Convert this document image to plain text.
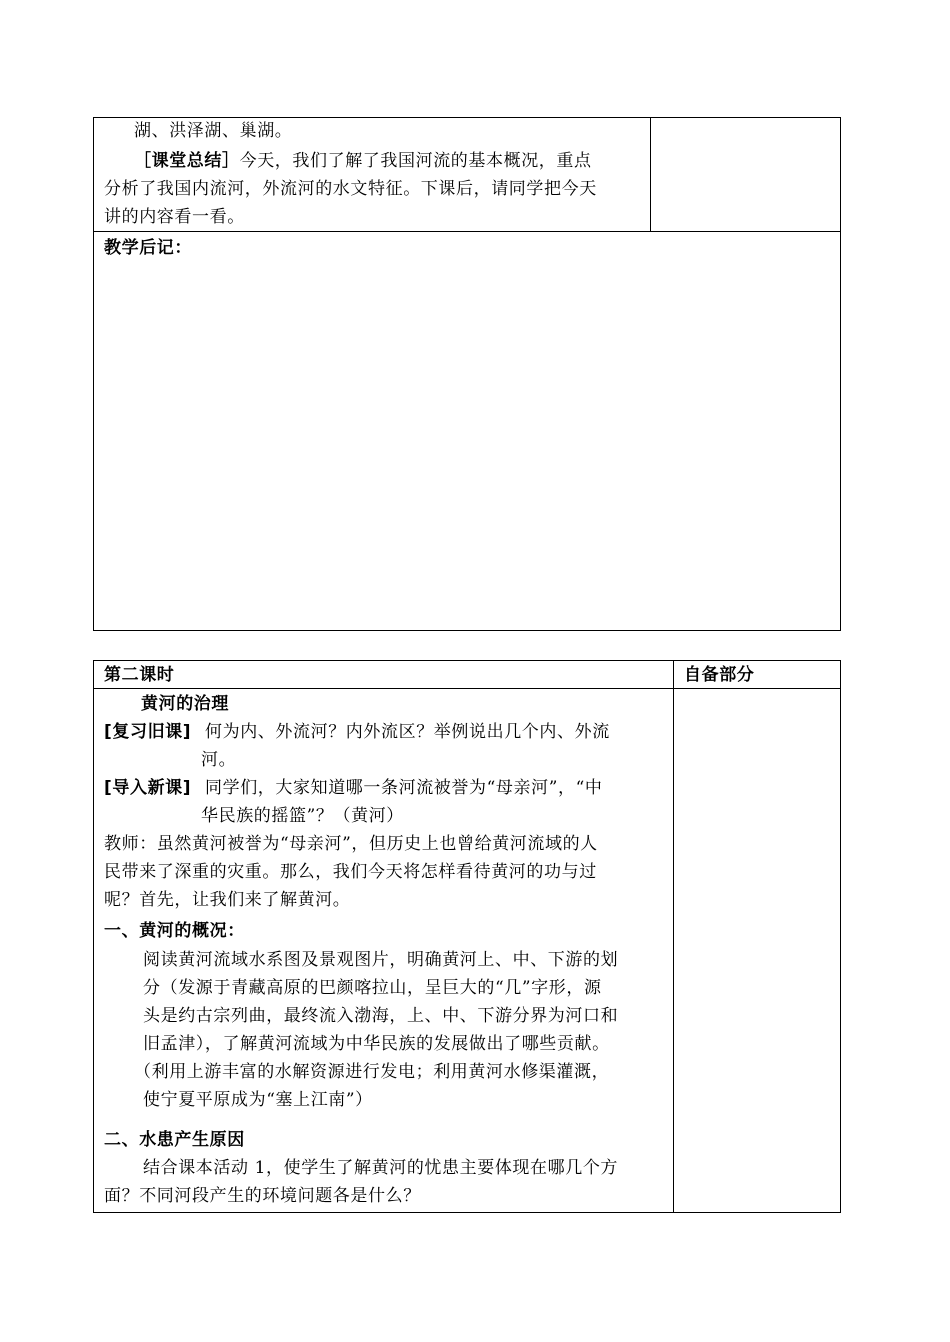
湖、洪泽湖、巢湖。
［课堂总结］今天，我们了解了我国河流的基本概况，重点
分析了我国内流河，外流河的水文特征。下课后，请同学把今天
讲的内容看一看。
教学后记：
第二课时	自备部分
黄河的治理
[复习旧课] 何为内、外流河？内外流区？举例说出几个内、外流
河。
[导入新课] 同学们，大家知道哪一条河流被誉为“母亲河”，“中
华民族的摇篮”？（黄河）
教师：虽然黄河被誉为“母亲河”，但历史上也曾给黄河流域的人
民带来了深重的灾重。那么，我们今天将怎样看待黄河的功与过
呢？首先，让我们来了解黄河。
一、黄河的概况：
阅读黄河流域水系图及景观图片，明确黄河上、中、下游的划
分（发源于青藏高原的巴颜喀拉山，呈巨大的“几”字形，源
头是约古宗列曲，最终流入渤海，上、中、下游分界为河口和
旧孟津），了解黄河流域为中华民族的发展做出了哪些贡献。
（利用上游丰富的水解资源进行发电；利用黄河水修渠灌溉，
使宁夏平原成为“塞上江南”）
二、水患产生原因
结合课本活动 1，使学生了解黄河的忧患主要体现在哪几个方
面？不同河段产生的环境问题各是什么？
